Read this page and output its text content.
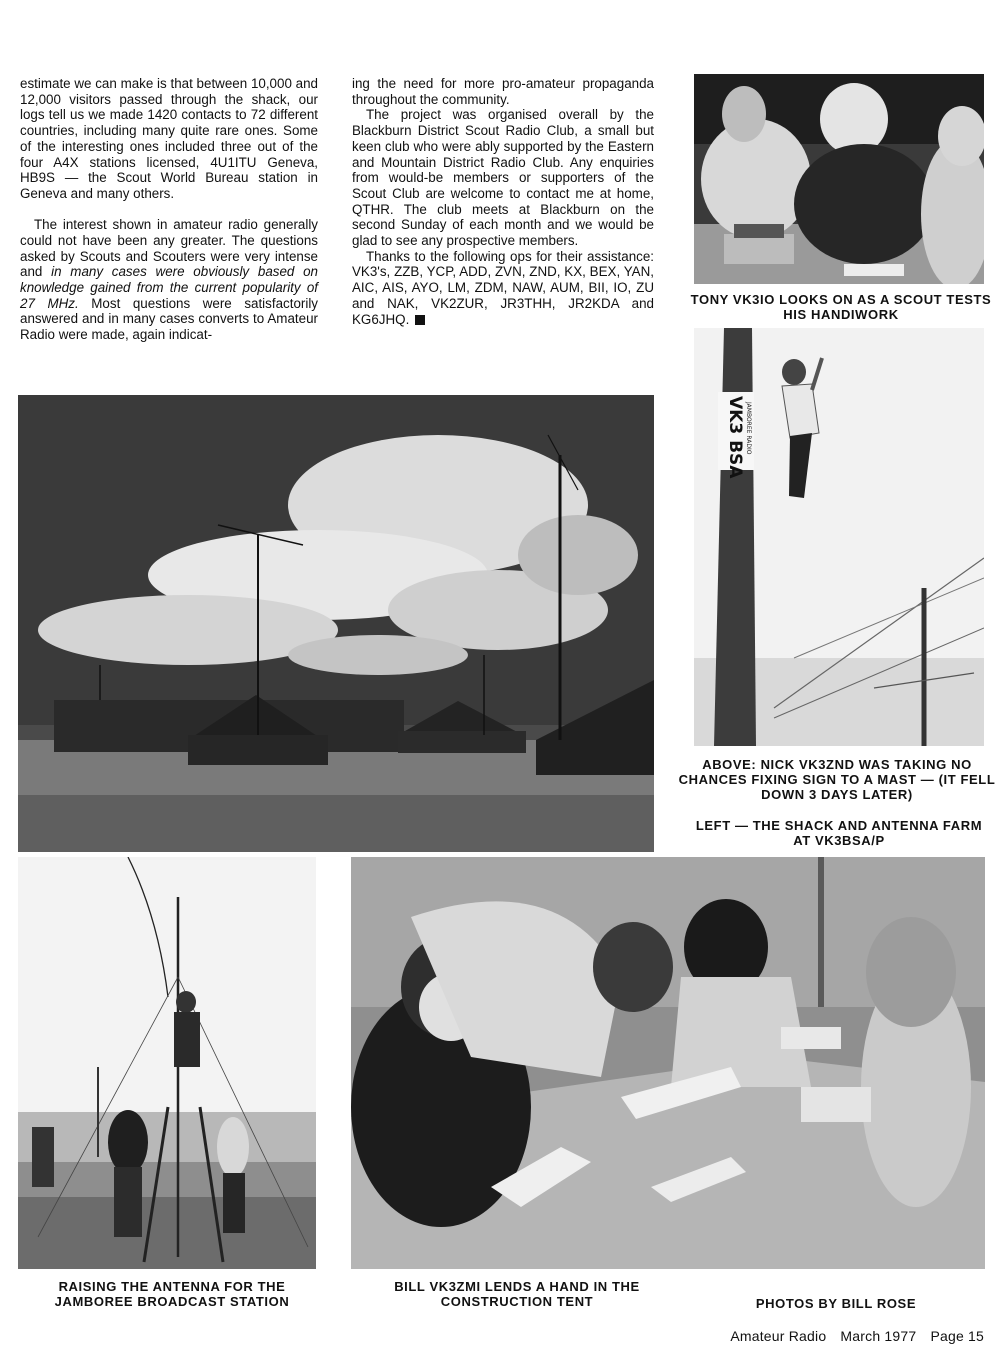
estimate we can make is that between 10,000 and 12,000 visitors passed through the shack, our logs tell us we made 1420 contacts to 72 different countries, including many quite rare ones. Some of the interesting ones included three out of the four A4X stations licensed, 4U1ITU Geneva, HB9S — the Scout World Bureau station in Geneva and many others.

The interest shown in amateur radio generally could not have been any greater. The questions asked by Scouts and Scouters were very intense and in many cases were obviously based on knowledge gained from the current popularity of 27 MHz. Most questions were satisfactorily answered and in many cases converts to Amateur Radio were made, again indicat-

ing the need for more pro-amateur propaganda throughout the community.

The project was organised overall by the Blackburn District Scout Radio Club, a small but keen club who were ably supported by the Eastern and Mountain District Radio Club. Any enquiries from would-be members or supporters of the Scout Club are welcome to contact me at home, QTHR. The club meets at Blackburn on the second Sunday of each month and we would be glad to see any prospective members.

Thanks to the following ops for their assistance: VK3's, ZZB, YCP, ADD, ZVN, ZND, KX, BEX, YAN, AIC, AIS, AYO, LM, ZDM, NAW, AUM, BII, IO, ZU and NAK, VK2ZUR, JR3THH, JR2KDA and KG6JHQ.

TONY VK3IO LOOKS ON AS A SCOUT TESTS HIS HANDIWORK
VK3 BSA JAMBOREE RADIO
ABOVE: NICK VK3ZND WAS TAKING NO CHANCES FIXING SIGN TO A MAST — (IT FELL DOWN 3 DAYS LATER)
LEFT — THE SHACK AND ANTENNA FARM AT VK3BSA/P
RAISING THE ANTENNA FOR THE JAMBOREE BROADCAST STATION
BILL VK3ZMI LENDS A HAND IN THE CONSTRUCTION TENT	PHOTOS BY BILL ROSE
Amateur Radio March 1977 Page 15
